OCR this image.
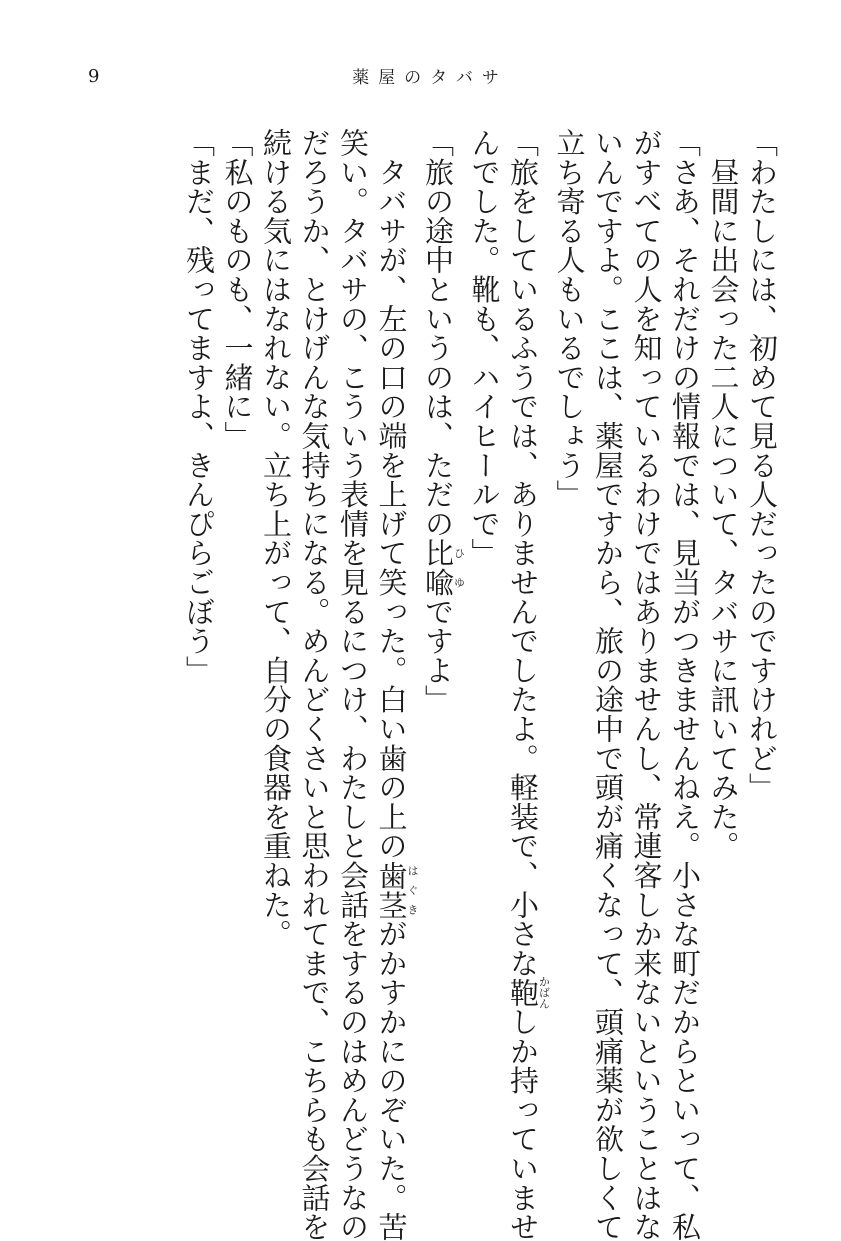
9	薬屋のタバサ
「わたしには、初めて見る人だったのですけれど」
　昼間に出会った二人について、タバサに訊いてみた。
「さあ、それだけの情報では、見当がつきませんねえ。小さな町だからといって、私
がすべての人を知っているわけではありませんし、常連客しか来ないということはな
いんですよ。ここは、薬屋ですから、旅の途中で頭が痛くなって、頭痛薬が欲しくて
立ち寄る人もいるでしょう」
「旅をしているふうでは、ありませんでしたよ。軽装で、小さな鞄かばんしか持っていませ
んでした。靴も、ハイヒールで」
「旅の途中というのは、ただの比喩ひゆですよ」
　タバサが、左の口の端を上げて笑った。白い歯の上の歯茎はぐきがかすかにのぞいた。苦
笑い。タバサの、こういう表情を見るにつけ、わたしと会話をするのはめんどうなの
だろうか、とけげんな気持ちになる。めんどくさいと思われてまで、こちらも会話を
続ける気にはなれない。立ち上がって、自分の食器を重ねた。
「私のものも、一緒に」
「まだ、残ってますよ、きんぴらごぼう」
